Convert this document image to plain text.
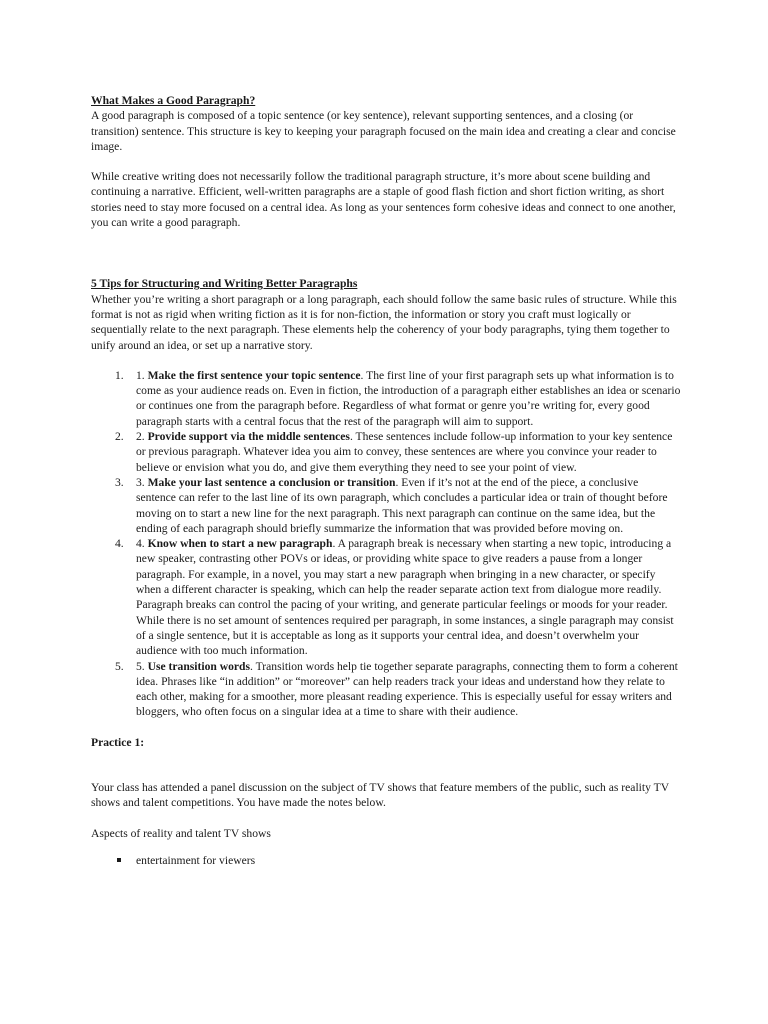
What Makes a Good Paragraph?

A good paragraph is composed of a topic sentence (or key sentence), relevant supporting sentences, and a closing (or transition) sentence. This structure is key to keeping your paragraph focused on the main idea and creating a clear and concise image.

While creative writing does not necessarily follow the traditional paragraph structure, it’s more about scene building and continuing a narrative. Efficient, well-written paragraphs are a staple of good flash fiction and short fiction writing, as short stories need to stay more focused on a central idea. As long as your sentences form cohesive ideas and connect to one another, you can write a good paragraph.

5 Tips for Structuring and Writing Better Paragraphs

Whether you’re writing a short paragraph or a long paragraph, each should follow the same basic rules of structure. While this format is not as rigid when writing fiction as it is for non-fiction, the information or story you craft must logically or sequentially relate to the next paragraph. These elements help the coherency of your body paragraphs, tying them together to unify around an idea, or set up a narrative story.

1. 1. Make the first sentence your topic sentence. The first line of your first paragraph sets up what information is to come as your audience reads on. Even in fiction, the introduction of a paragraph either establishes an idea or scenario or continues one from the paragraph before. Regardless of what format or genre you’re writing for, every good paragraph starts with a central focus that the rest of the paragraph will aim to support.
2. 2. Provide support via the middle sentences. These sentences include follow-up information to your key sentence or previous paragraph. Whatever idea you aim to convey, these sentences are where you convince your reader to believe or envision what you do, and give them everything they need to see your point of view.
3. 3. Make your last sentence a conclusion or transition. Even if it’s not at the end of the piece, a conclusive sentence can refer to the last line of its own paragraph, which concludes a particular idea or train of thought before moving on to start a new line for the next paragraph. This next paragraph can continue on the same idea, but the ending of each paragraph should briefly summarize the information that was provided before moving on.
4. 4. Know when to start a new paragraph. A paragraph break is necessary when starting a new topic, introducing a new speaker, contrasting other POVs or ideas, or providing white space to give readers a pause from a longer paragraph. For example, in a novel, you may start a new paragraph when bringing in a new character, or specify when a different character is speaking, which can help the reader separate action text from dialogue more readily. Paragraph breaks can control the pacing of your writing, and generate particular feelings or moods for your reader. While there is no set amount of sentences required per paragraph, in some instances, a single paragraph may consist of a single sentence, but it is acceptable as long as it supports your central idea, and doesn’t overwhelm your audience with too much information.
5. 5. Use transition words. Transition words help tie together separate paragraphs, connecting them to form a coherent idea. Phrases like “in addition” or “moreover” can help readers track your ideas and understand how they relate to each other, making for a smoother, more pleasant reading experience. This is especially useful for essay writers and bloggers, who often focus on a singular idea at a time to share with their audience.

Practice 1:

Your class has attended a panel discussion on the subject of TV shows that feature members of the public, such as reality TV shows and talent competitions. You have made the notes below.

Aspects of reality and talent TV shows

entertainment for viewers
